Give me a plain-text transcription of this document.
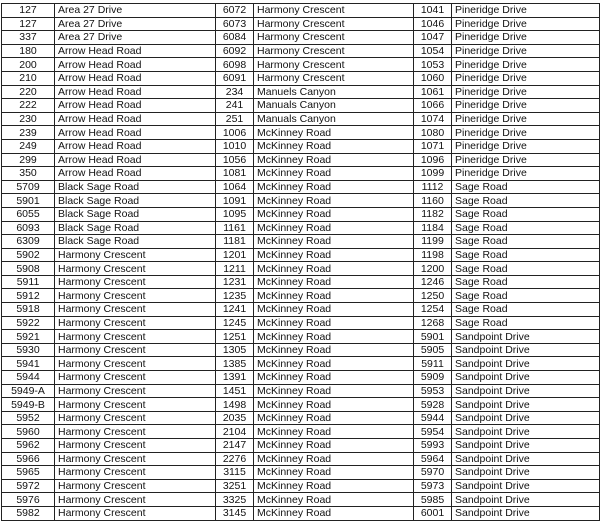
127	Area 27 Drive	6072	Harmony Crescent	1041	Pineridge Drive
127	Area 27 Drive	6073	Harmony Crescent	1046	Pineridge Drive
337	Area 27 Drive	6084	Harmony Crescent	1047	Pineridge Drive
180	Arrow Head Road	6092	Harmony Crescent	1054	Pineridge Drive
200	Arrow Head Road	6098	Harmony Crescent	1053	Pineridge Drive
210	Arrow Head Road	6091	Harmony Crescent	1060	Pineridge Drive
220	Arrow Head Road	234	Manuels Canyon	1061	Pineridge Drive
222	Arrow Head Road	241	Manuals Canyon	1066	Pineridge Drive
230	Arrow Head Road	251	Manuals Canyon	1074	Pineridge Drive
239	Arrow Head Road	1006	McKinney Road	1080	Pineridge Drive
249	Arrow Head Road	1010	McKinney Road	1071	Pineridge Drive
299	Arrow Head Road	1056	McKinney Road	1096	Pineridge Drive
350	Arrow Head Road	1081	McKinney Road	1099	Pineridge Drive
5709	Black Sage Road	1064	McKinney Road	1112	Sage Road
5901	Black Sage Road	1091	McKinney Road	1160	Sage Road
6055	Black Sage Road	1095	McKinney Road	1182	Sage Road
6093	Black Sage Road	1161	McKinney Road	1184	Sage Road
6309	Black Sage Road	1181	McKinney Road	1199	Sage Road
5902	Harmony Crescent	1201	McKinney Road	1198	Sage Road
5908	Harmony Crescent	1211	McKinney Road	1200	Sage Road
5911	Harmony Crescent	1231	McKinney Road	1246	Sage Road
5912	Harmony Crescent	1235	McKinney Road	1250	Sage Road
5918	Harmony Crescent	1241	McKinney Road	1254	Sage Road
5922	Harmony Crescent	1245	McKinney Road	1268	Sage Road
5921	Harmony Crescent	1251	McKinney Road	5901	Sandpoint Drive
5930	Harmony Crescent	1305	McKinney Road	5905	Sandpoint Drive
5941	Harmony Crescent	1385	McKinney Road	5911	Sandpoint Drive
5944	Harmony Crescent	1391	McKinney Road	5909	Sandpoint Drive
5949-A	Harmony Crescent	1451	McKinney Road	5953	Sandpoint Drive
5949-B	Harmony Crescent	1498	McKinney Road	5928	Sandpoint Drive
5952	Harmony Crescent	2035	McKinney Road	5944	Sandpoint Drive
5960	Harmony Crescent	2104	McKinney Road	5954	Sandpoint Drive
5962	Harmony Crescent	2147	McKinney Road	5993	Sandpoint Drive
5966	Harmony Crescent	2276	McKinney Road	5964	Sandpoint Drive
5965	Harmony Crescent	3115	McKinney Road	5970	Sandpoint Drive
5972	Harmony Crescent	3251	McKinney Road	5973	Sandpoint Drive
5976	Harmony Crescent	3325	McKinney Road	5985	Sandpoint Drive
5982	Harmony Crescent	3145	McKinney Road	6001	Sandpoint Drive
